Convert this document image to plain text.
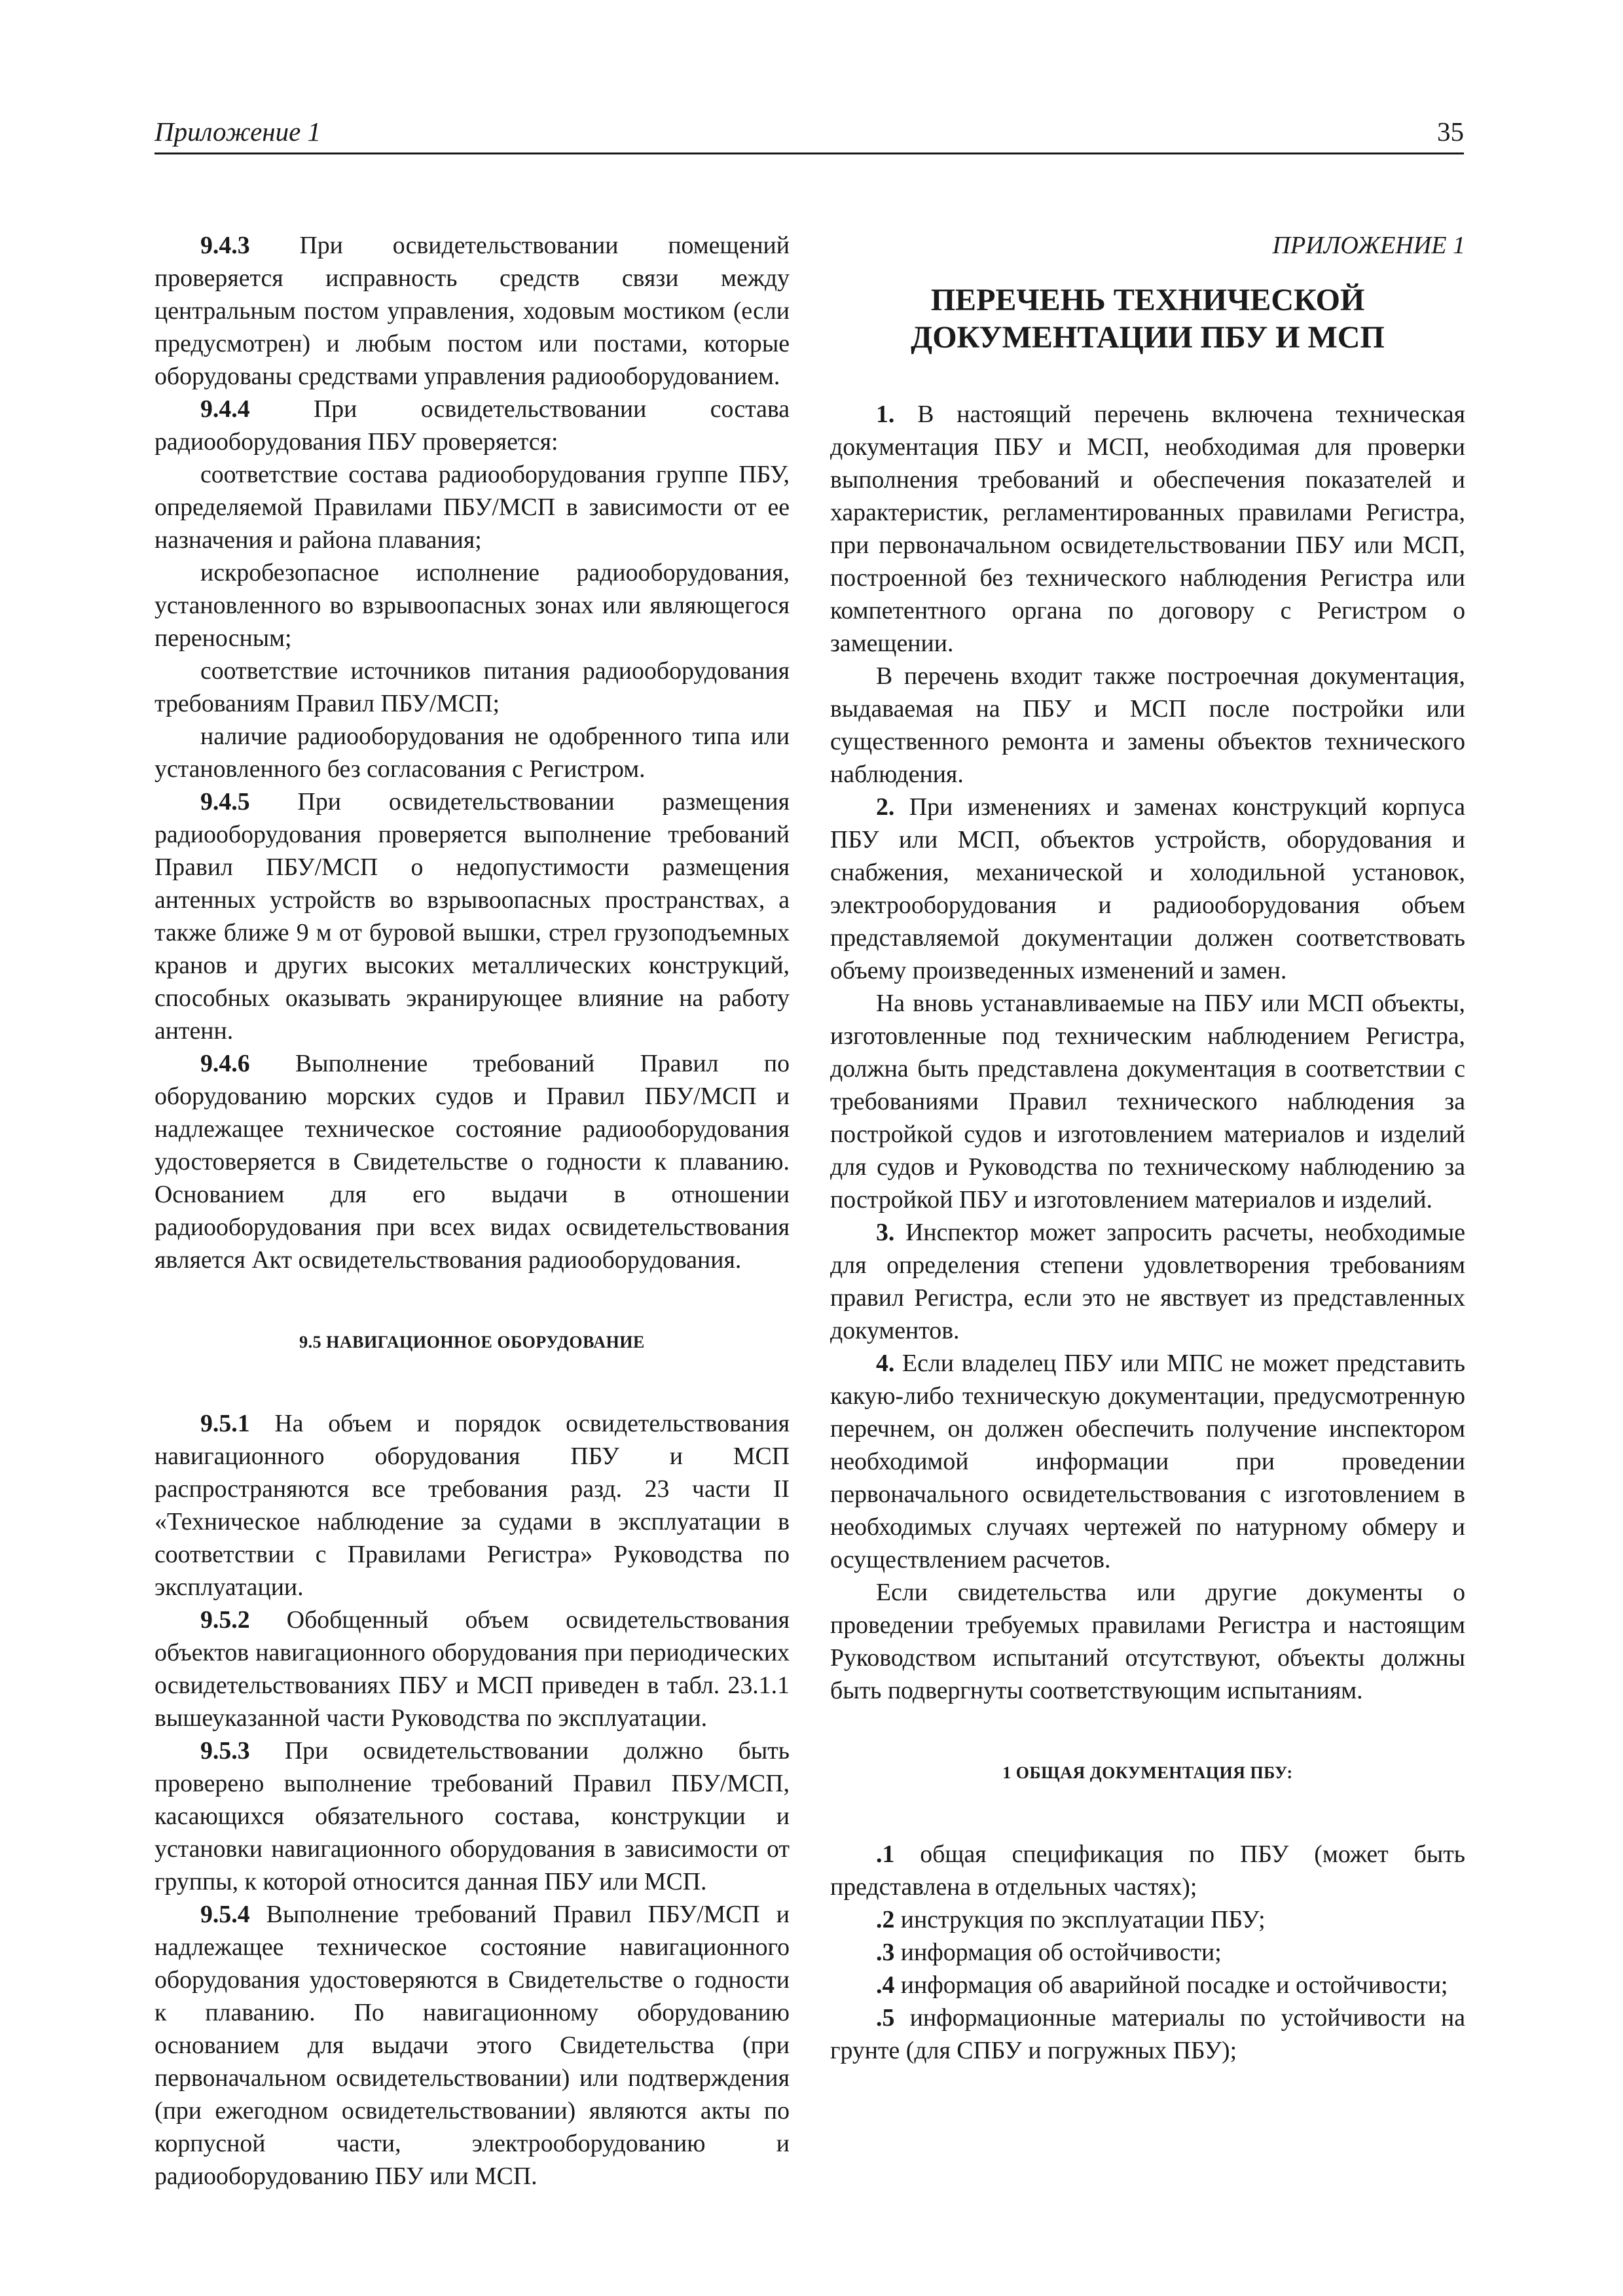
Приложение 1	35

9.4.3 При освидетельствовании помещений проверяется исправность средств связи между центральным постом управления, ходовым мостиком (если предусмотрен) и любым постом или постами, которые оборудованы средствами управления радиооборудованием.

9.4.4 При освидетельствовании состава радиооборудования ПБУ проверяется:

соответствие состава радиооборудования группе ПБУ, определяемой Правилами ПБУ/МСП в зависимости от ее назначения и района плавания;

искробезопасное исполнение радиооборудования, установленного во взрывоопасных зонах или являющегося переносным;

соответствие источников питания радиооборудования требованиям Правил ПБУ/МСП;

наличие радиооборудования не одобренного типа или установленного без согласования с Регистром.

9.4.5 При освидетельствовании размещения радиооборудования проверяется выполнение требований Правил ПБУ/МСП о недопустимости размещения антенных устройств во взрывоопасных пространствах, а также ближе 9 м от буровой вышки, стрел грузоподъемных кранов и других высоких металлических конструкций, способных оказывать экранирующее влияние на работу антенн.

9.4.6 Выполнение требований Правил по оборудованию морских судов и Правил ПБУ/МСП и надлежащее техническое состояние радиооборудования удостоверяется в Свидетельстве о годности к плаванию. Основанием для его выдачи в отношении радиооборудования при всех видах освидетельствования является Акт освидетельствования радиооборудования.

9.5 НАВИГАЦИОННОЕ ОБОРУДОВАНИЕ

9.5.1 На объем и порядок освидетельствования навигационного оборудования ПБУ и МСП распространяются все требования разд. 23 части II «Техническое наблюдение за судами в эксплуатации в соответствии с Правилами Регистра» Руководства по эксплуатации.

9.5.2 Обобщенный объем освидетельствования объектов навигационного оборудования при периодических освидетельствованиях ПБУ и МСП приведен в табл. 23.1.1 вышеуказанной части Руководства по эксплуатации.

9.5.3 При освидетельствовании должно быть проверено выполнение требований Правил ПБУ/МСП, касающихся обязательного состава, конструкции и установки навигационного оборудования в зависимости от группы, к которой относится данная ПБУ или МСП.

9.5.4 Выполнение требований Правил ПБУ/МСП и надлежащее техническое состояние навигационного оборудования удостоверяются в Свидетельстве о годности к плаванию. По навигационному оборудованию основанием для выдачи этого Свидетельства (при первоначальном освидетельствовании) или подтверждения (при ежегодном освидетельствовании) являются акты по корпусной части, электрооборудованию и радиооборудованию ПБУ или МСП.

ПРИЛОЖЕНИЕ 1
ПЕРЕЧЕНЬ ТЕХНИЧЕСКОЙ
ДОКУМЕНТАЦИИ ПБУ И МСП

1. В настоящий перечень включена техническая документация ПБУ и МСП, необходимая для проверки выполнения требований и обеспечения показателей и характеристик, регламентированных правилами Регистра, при первоначальном освидетельствовании ПБУ или МСП, построенной без технического наблюдения Регистра или компетентного органа по договору с Регистром о замещении.

В перечень входит также построечная документация, выдаваемая на ПБУ и МСП после постройки или существенного ремонта и замены объектов технического наблюдения.

2. При изменениях и заменах конструкций корпуса ПБУ или МСП, объектов устройств, оборудования и снабжения, механической и холодильной установок, электрооборудования и радиооборудования объем представляемой документации должен соответствовать объему произведенных изменений и замен.

На вновь устанавливаемые на ПБУ или МСП объекты, изготовленные под техническим наблюдением Регистра, должна быть представлена документация в соответствии с требованиями Правил технического наблюдения за постройкой судов и изготовлением материалов и изделий для судов и Руководства по техническому наблюдению за постройкой ПБУ и изготовлением материалов и изделий.

3. Инспектор может запросить расчеты, необходимые для определения степени удовлетворения требованиям правил Регистра, если это не явствует из представленных документов.

4. Если владелец ПБУ или МПС не может представить какую-либо техническую документации, предусмотренную перечнем, он должен обеспечить получение инспектором необходимой информации при проведении первоначального освидетельствования с изготовлением в необходимых случаях чертежей по натурному обмеру и осуществлением расчетов.

Если свидетельства или другие документы о проведении требуемых правилами Регистра и настоящим Руководством испытаний отсутствуют, объекты должны быть подвергнуты соответствующим испытаниям.

1 ОБЩАЯ ДОКУМЕНТАЦИЯ ПБУ:

.1 общая спецификация по ПБУ (может быть представлена в отдельных частях);

.2 инструкция по эксплуатации ПБУ;

.3 информация об остойчивости;

.4 информация об аварийной посадке и остойчивости;

.5 информационные материалы по устойчивости на грунте (для СПБУ и погружных ПБУ);
